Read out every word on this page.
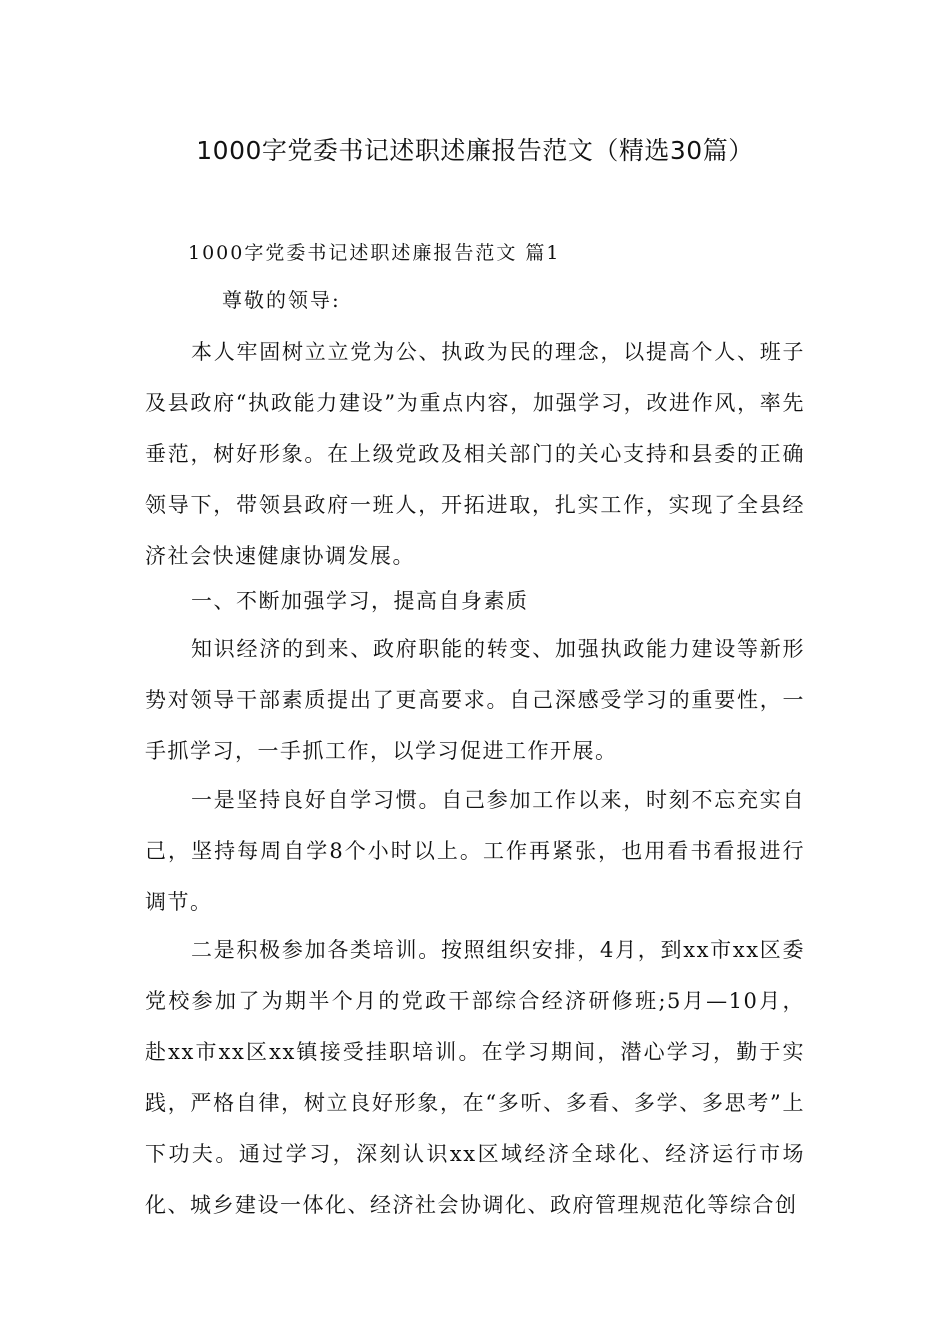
1000字党委书记述职述廉报告范文（精选30篇）
1000字党委书记述职述廉报告范文 篇1
尊敬的领导:

本人牢固树立立党为公、执政为民的理念，以提高个人、班子及县政府“执政能力建设”为重点内容，加强学习，改进作风，率先垂范，树好形象。在上级党政及相关部门的关心支持和县委的正确领导下，带领县政府一班人，开拓进取，扎实工作，实现了全县经济社会快速健康协调发展。

一、不断加强学习，提高自身素质

知识经济的到来、政府职能的转变、加强执政能力建设等新形势对领导干部素质提出了更高要求。自己深感受学习的重要性，一手抓学习，一手抓工作，以学习促进工作开展。

一是坚持良好自学习惯。自己参加工作以来，时刻不忘充实自己，坚持每周自学8个小时以上。工作再紧张，也用看书看报进行调节。

二是积极参加各类培训。按照组织安排，4月，到xx市xx区委党校参加了为期半个月的党政干部综合经济研修班;5月—10月，赴xx市xx区xx镇接受挂职培训。在学习期间，潜心学习，勤于实践，严格自律，树立良好形象，在“多听、多看、多学、多思考”上下功夫。通过学习，深刻认识xx区域经济全球化、经济运行市场化、城乡建设一体化、经济社会协调化、政府管理规范化等综合创
